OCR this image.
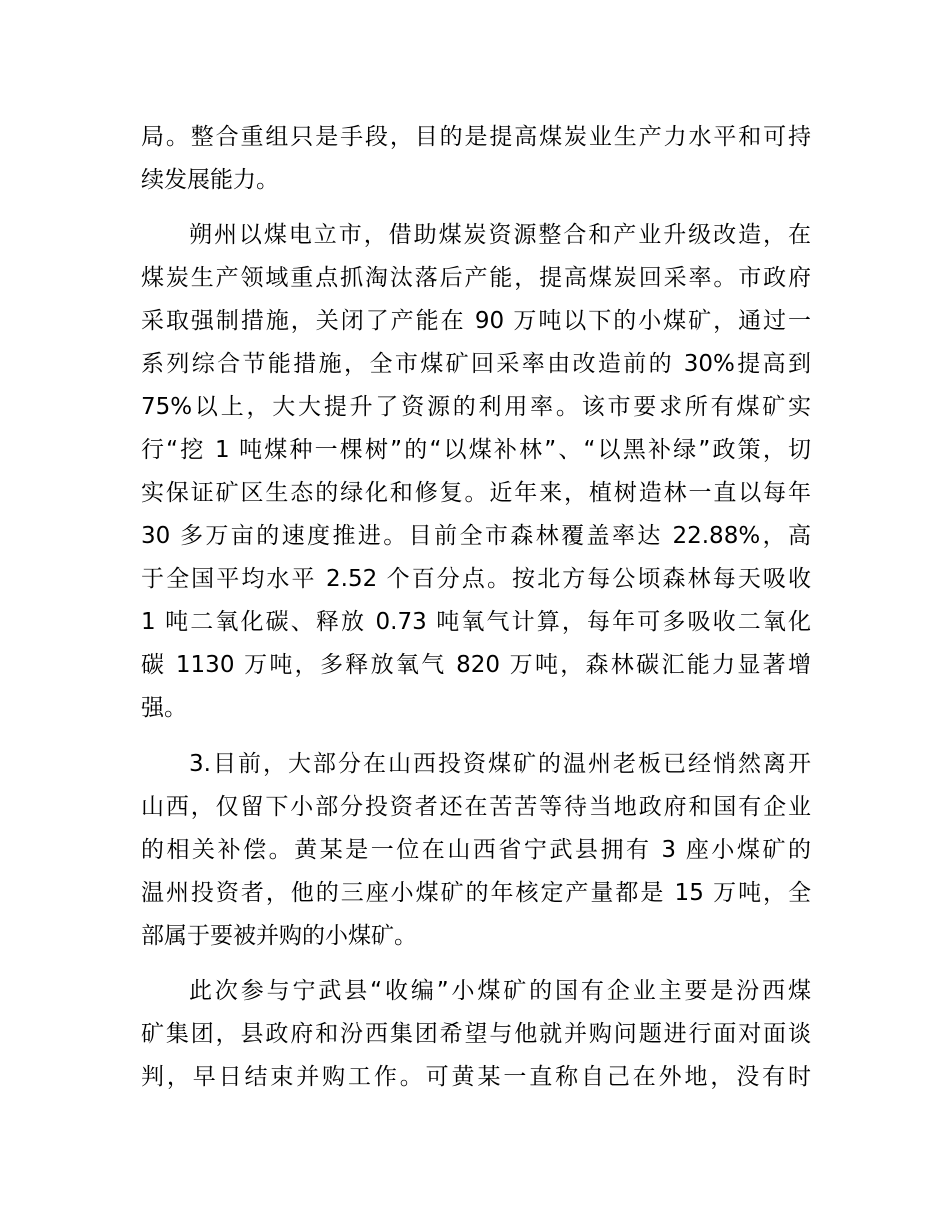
局。整合重组只是手段，目的是提高煤炭业生产力水平和可持
续发展能力。
朔州以煤电立市，借助煤炭资源整合和产业升级改造，在
煤炭生产领域重点抓淘汰落后产能，提高煤炭回采率。市政府
采取强制措施，关闭了产能在 90 万吨以下的小煤矿，通过一
系列综合节能措施，全市煤矿回采率由改造前的 30%提高到
75%以上，大大提升了资源的利用率。该市要求所有煤矿实
行“挖 1 吨煤种一棵树”的“以煤补林”、“以黑补绿”政策，切
实保证矿区生态的绿化和修复。近年来，植树造林一直以每年
30 多万亩的速度推进。目前全市森林覆盖率达 22.88%，高
于全国平均水平 2.52 个百分点。按北方每公顷森林每天吸收
1 吨二氧化碳、释放 0.73 吨氧气计算，每年可多吸收二氧化
碳 1130 万吨，多释放氧气 820 万吨，森林碳汇能力显著增
强。
3.目前，大部分在山西投资煤矿的温州老板已经悄然离开
山西，仅留下小部分投资者还在苦苦等待当地政府和国有企业
的相关补偿。黄某是一位在山西省宁武县拥有 3 座小煤矿的
温州投资者，他的三座小煤矿的年核定产量都是 15 万吨，全
部属于要被并购的小煤矿。
此次参与宁武县“收编”小煤矿的国有企业主要是汾西煤
矿集团，县政府和汾西集团希望与他就并购问题进行面对面谈
判，早日结束并购工作。可黄某一直称自己在外地，没有时
